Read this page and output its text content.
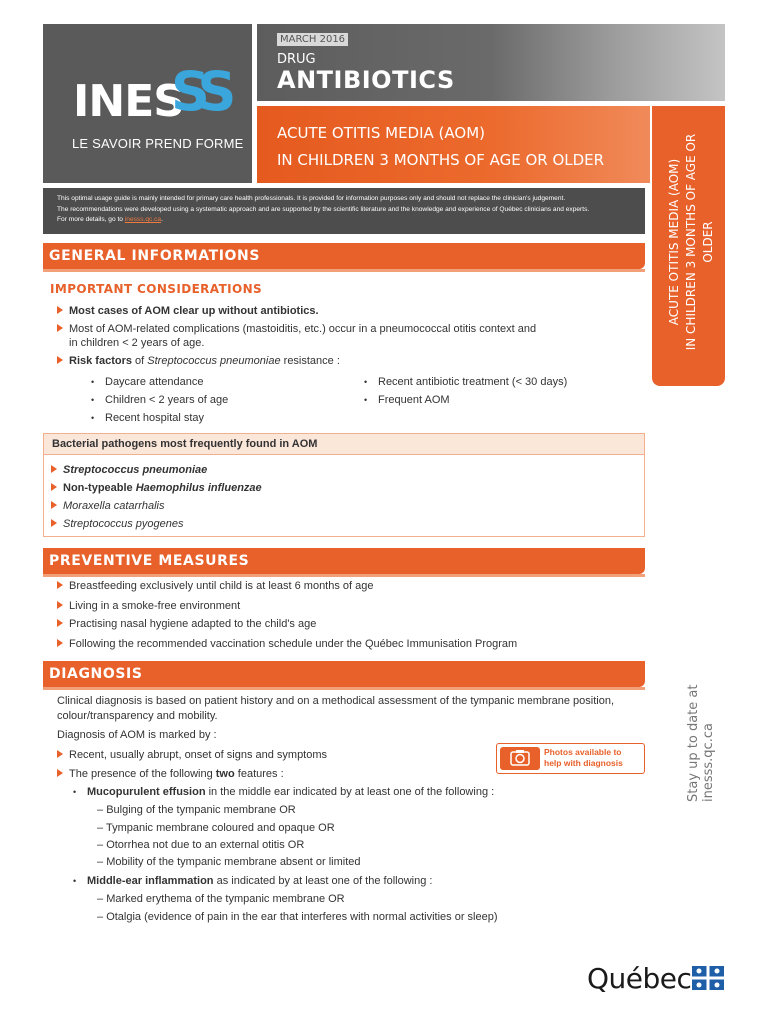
INES
SS
LE SAVOIR PREND FORME
MARCH 2016
DRUG
ANTIBIOTICS
ACUTE OTITIS MEDIA (AOM)
IN CHILDREN 3 MONTHS OF AGE OR OLDER	ACUTE OTITIS MEDIA (AOM) IN CHILDREN 3 MONTHS OF AGE OR OLDER
This optimal usage guide is mainly intended for primary care health professionals. It is provided for information purposes only and should not replace the clinician's judgement.
The recommendations were developed using a systematic approach and are supported by the scientific literature and the knowledge and experience of Québec clinicians and experts.
For more details, go to inesss.qc.ca.
GENERAL INFORMATIONS
IMPORTANT CONSIDERATIONS
Most cases of AOM clear up without antibiotics.
Most of AOM-related complications (mastoiditis, etc.) occur in a pneumococcal otitis context and
in children < 2 years of age.
Risk factors of Streptococcus pneumoniae resistance :
• Daycare attendance
• Children < 2 years of age
• Recent hospital stay
• Recent antibiotic treatment (< 30 days)
• Frequent AOM
Bacterial pathogens most frequently found in AOM
Streptococcus pneumoniae
Non-typeable Haemophilus influenzae
Moraxella catarrhalis
Streptococcus pyogenes
PREVENTIVE MEASURES
Breastfeeding exclusively until child is at least 6 months of age
Living in a smoke-free environment
Practising nasal hygiene adapted to the child's age
Following the recommended vaccination schedule under the Québec Immunisation Program
DIAGNOSIS
Clinical diagnosis is based on patient history and on a methodical assessment of the tympanic membrane position,
colour/transparency and mobility.
Diagnosis of AOM is marked by :
Recent, usually abrupt, onset of signs and symptoms
The presence of the following two features :
• Mucopurulent effusion in the middle ear indicated by at least one of the following :
– Bulging of the tympanic membrane OR
– Tympanic membrane coloured and opaque OR
– Otorrhea not due to an external otitis OR
– Mobility of the tympanic membrane absent or limited
• Middle-ear inflammation as indicated by at least one of the following :
– Marked erythema of the tympanic membrane OR
– Otalgia (evidence of pain in the ear that interferes with normal activities or sleep)
Photos available to
help with diagnosis	Stay up to date at inesss.qc.ca
Québec
